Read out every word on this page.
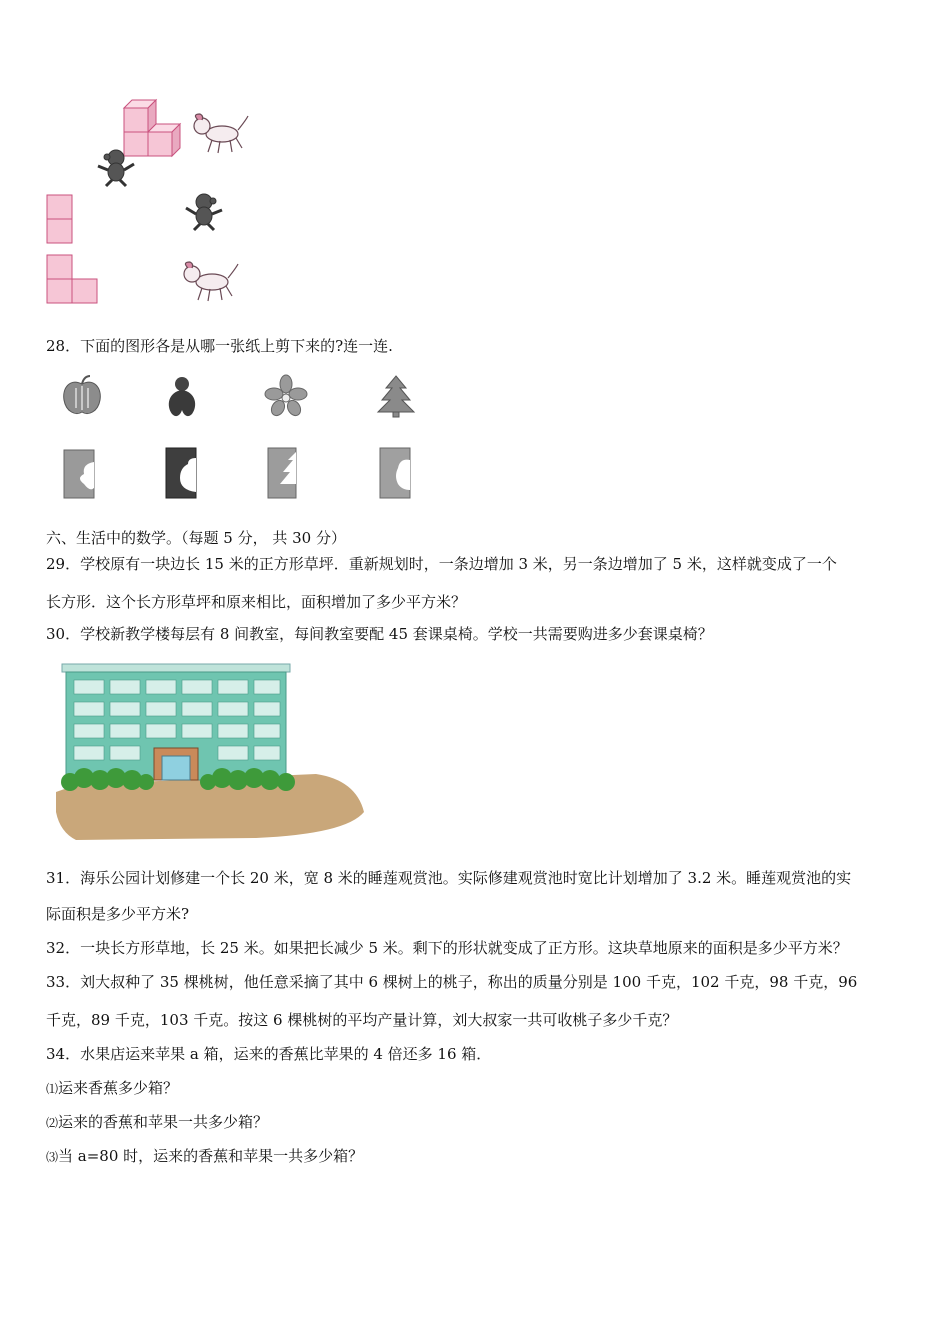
28．下面的图形各是从哪一张纸上剪下来的?连一连.
六、生活中的数学。（每题 5 分， 共 30 分）
29．学校原有一块边长 15 米的正方形草坪．重新规划时，一条边增加 3 米，另一条边增加了 5 米，这样就变成了一个
长方形．这个长方形草坪和原来相比，面积增加了多少平方米？
30．学校新教学楼每层有 8 间教室，每间教室要配 45 套课桌椅。学校一共需要购进多少套课桌椅？
31．海乐公园计划修建一个长 20 米，宽 8 米的睡莲观赏池。实际修建观赏池时宽比计划增加了 3.2 米。睡莲观赏池的实
际面积是多少平方米?
32．一块长方形草地，长 25 米。如果把长减少 5 米。剩下的形状就变成了正方形。这块草地原来的面积是多少平方米？
33．刘大叔种了 35 棵桃树，他任意采摘了其中 6 棵树上的桃子，称出的质量分别是 100 千克，102 千克，98 千克，96
千克，89 千克，103 千克。按这 6 棵桃树的平均产量计算，刘大叔家一共可收桃子多少千克？
34．水果店运来苹果 a 箱，运来的香蕉比苹果的 4 倍还多 16 箱．
⑴运来香蕉多少箱？
⑵运来的香蕉和苹果一共多少箱？
⑶当 a=80 时，运来的香蕉和苹果一共多少箱？
